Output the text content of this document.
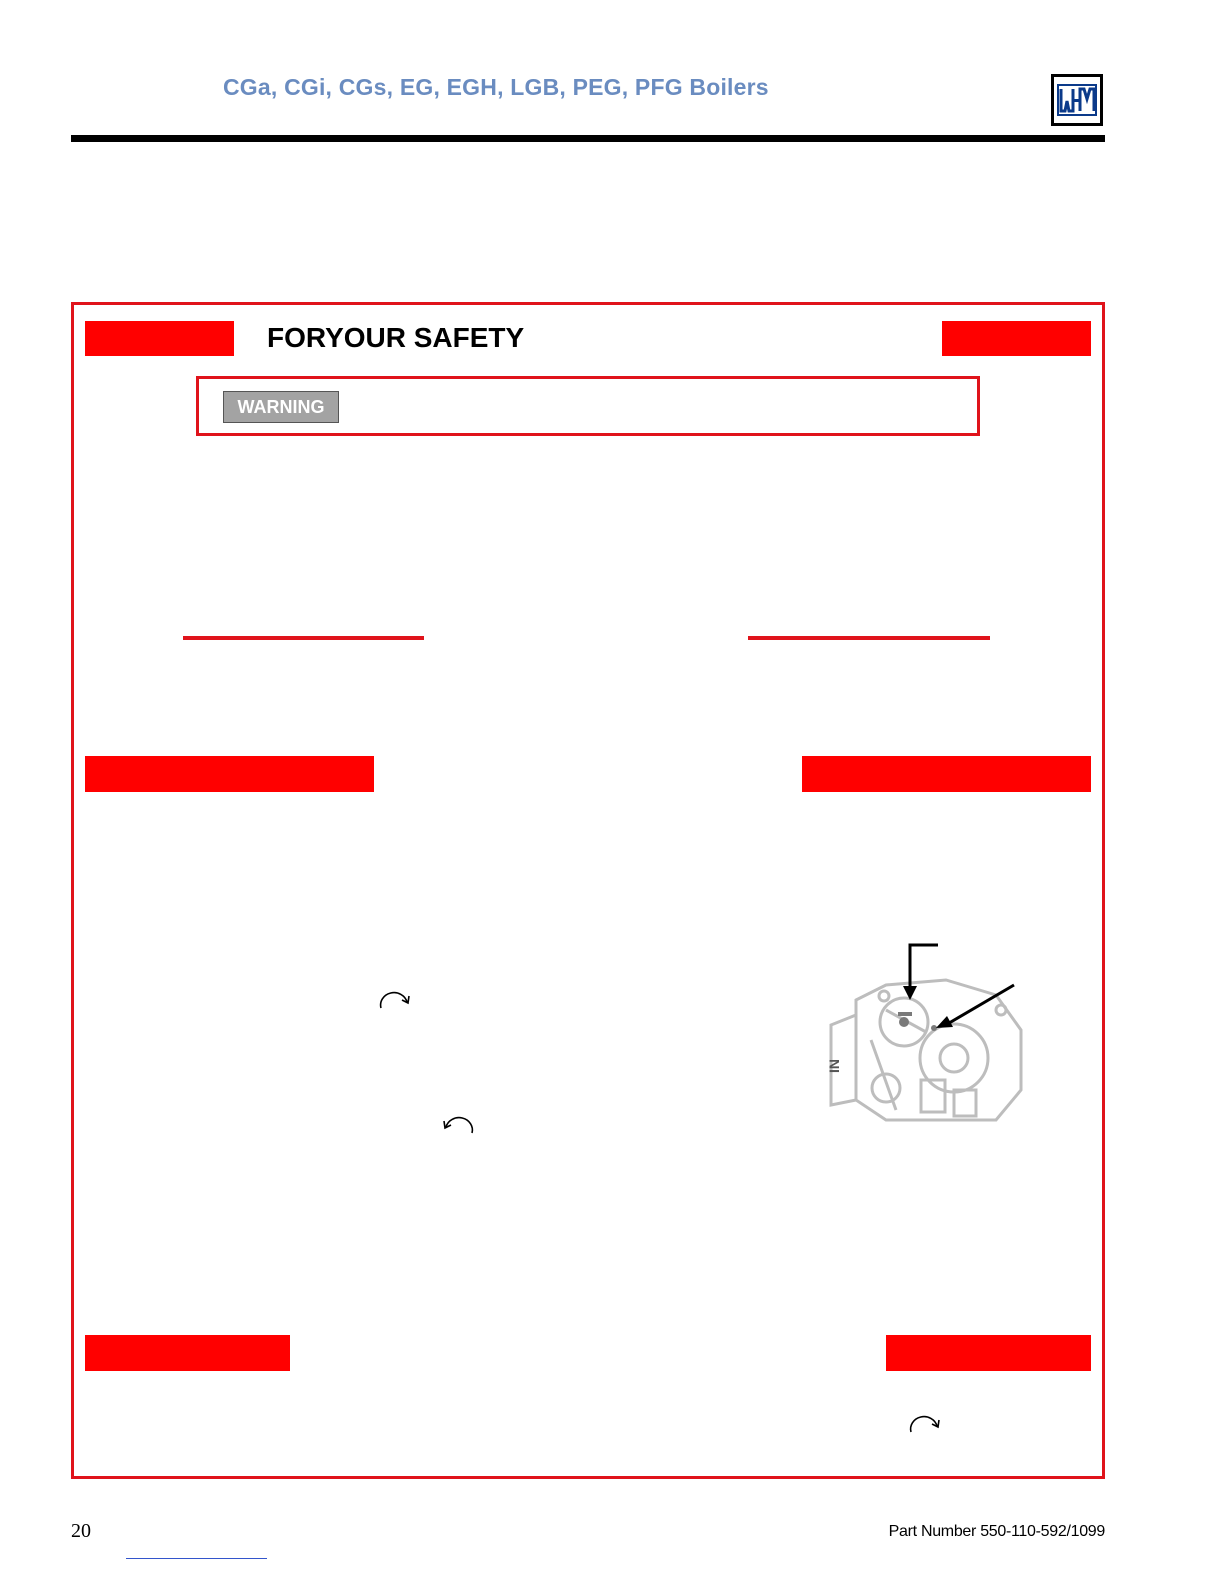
CGa, CGi, CGs, EG, EGH, LGB, PEG, PFG Boilers
FORYOUR SAFETY
WARNING
IN
20	Part Number 550-110-592/1099
